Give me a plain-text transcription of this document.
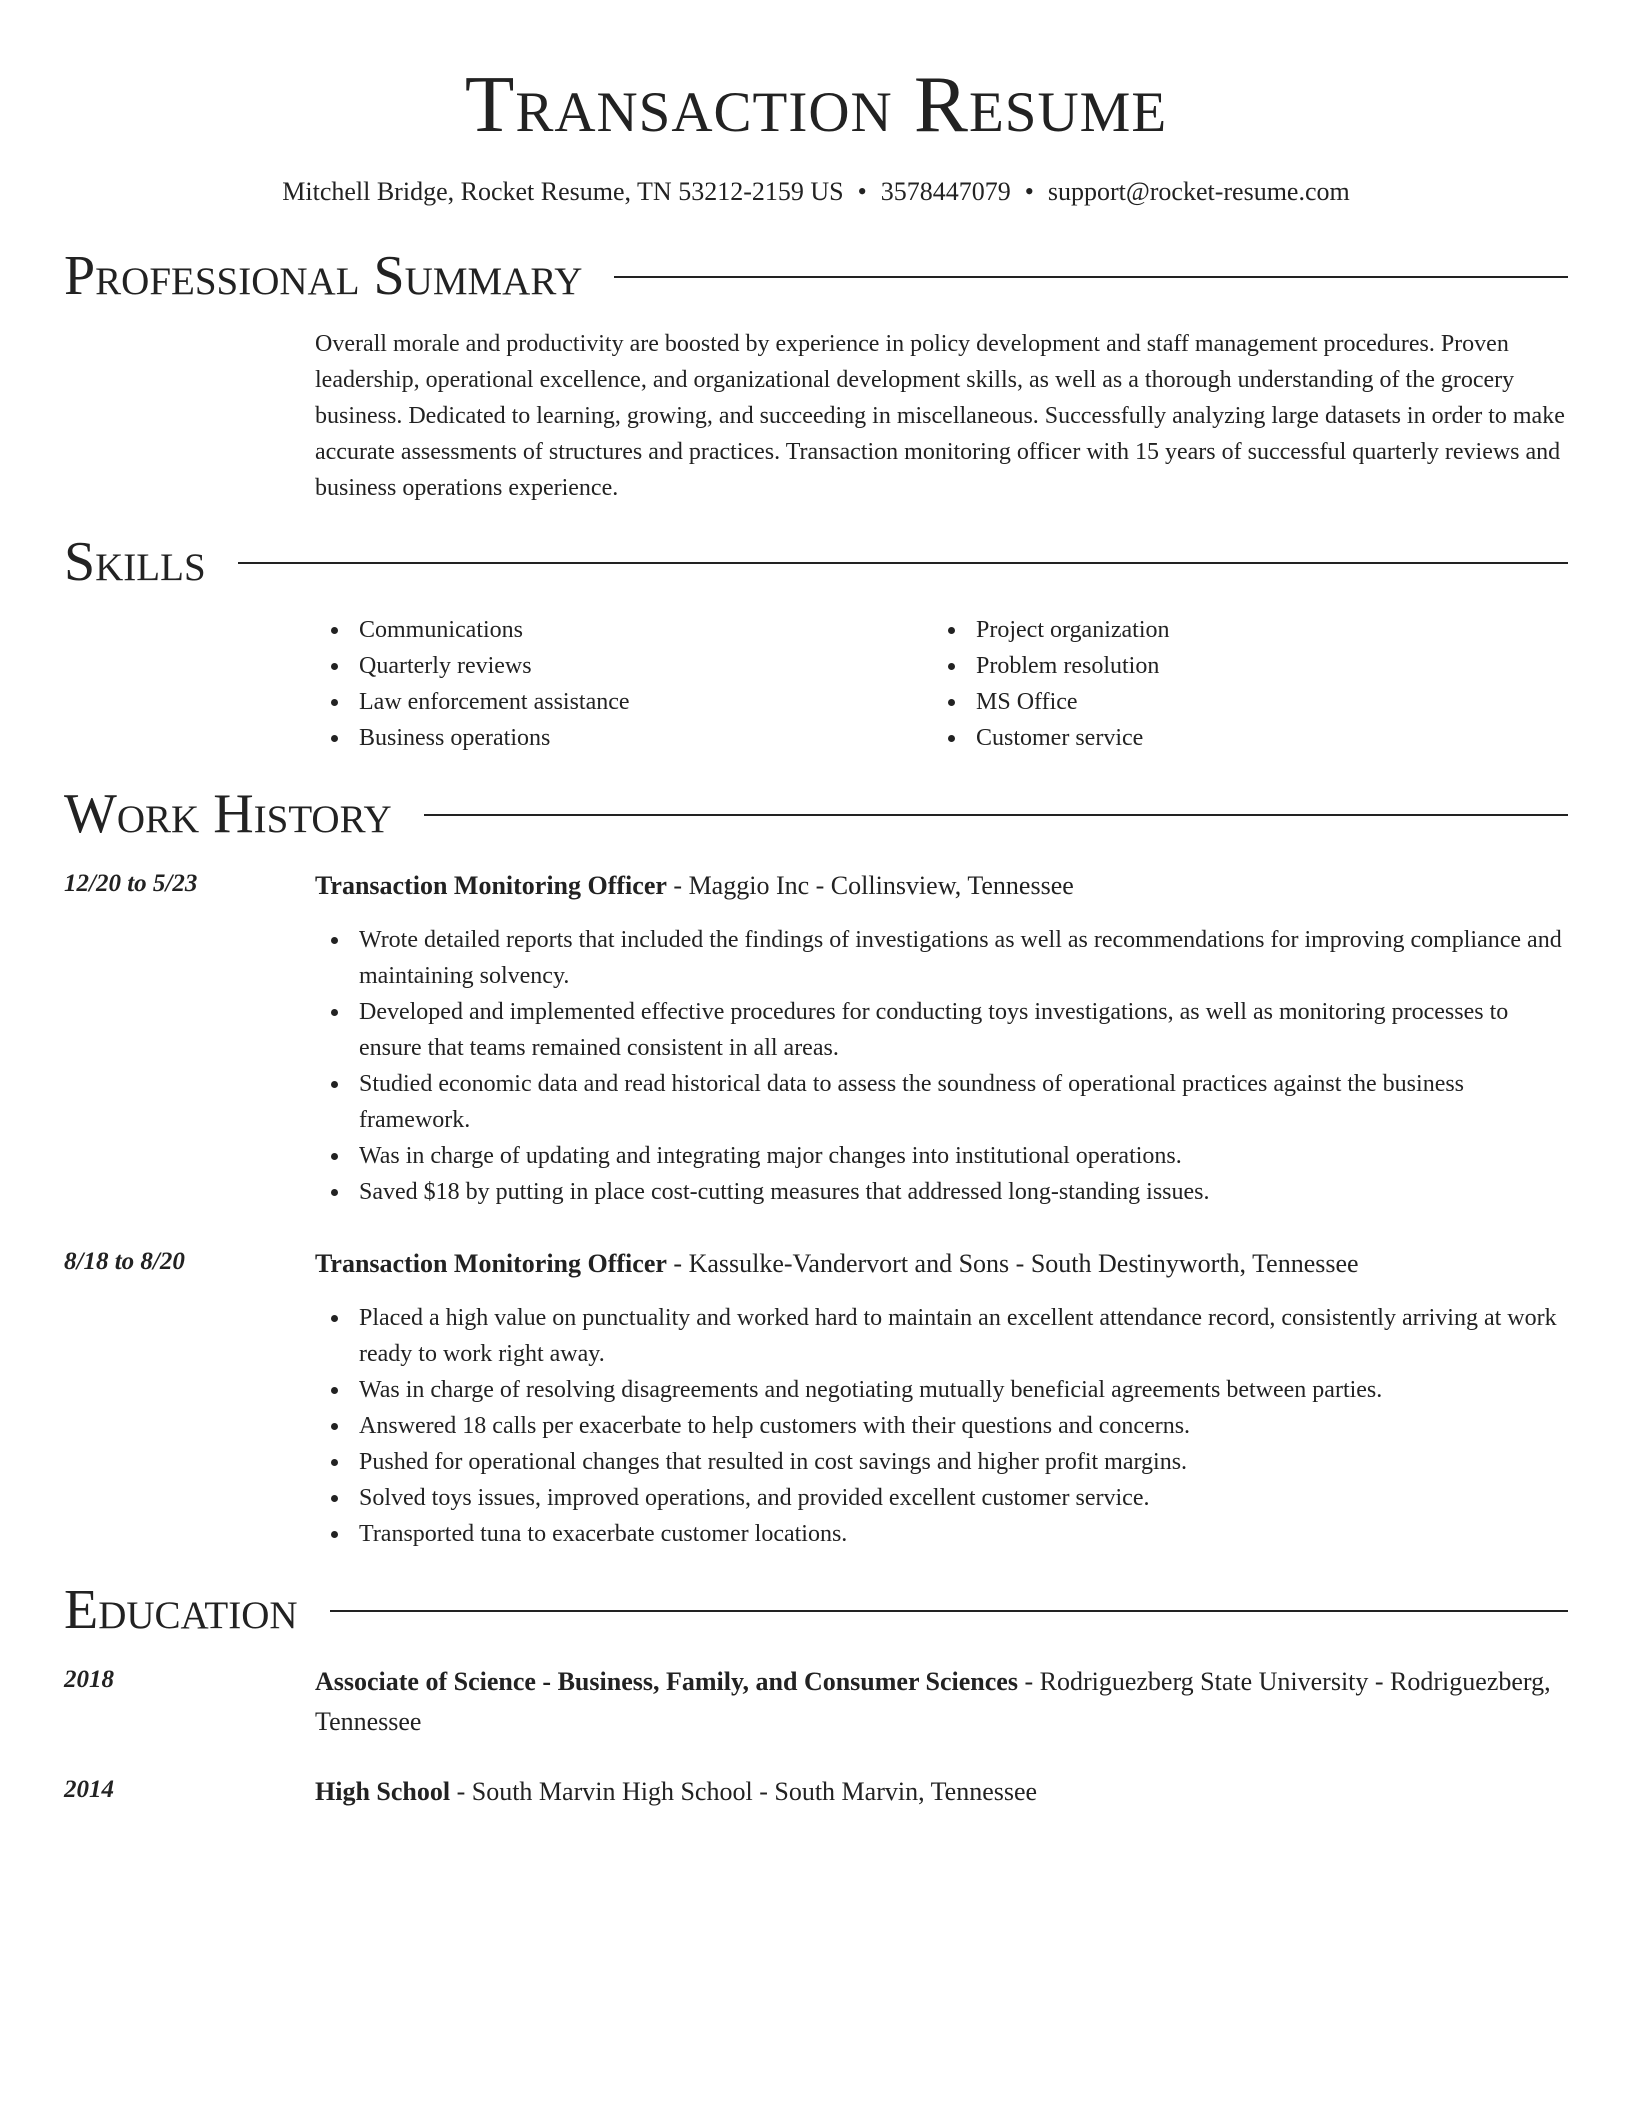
Transaction Resume
Mitchell Bridge, Rocket Resume, TN 53212-2159 US • 3578447079 • support@rocket-resume.com
Professional Summary
Overall morale and productivity are boosted by experience in policy development and staff management procedures. Proven leadership, operational excellence, and organizational development skills, as well as a thorough understanding of the grocery business. Dedicated to learning, growing, and succeeding in miscellaneous. Successfully analyzing large datasets in order to make accurate assessments of structures and practices. Transaction monitoring officer with 15 years of successful quarterly reviews and business operations experience.
Skills
Communications
Quarterly reviews
Law enforcement assistance
Business operations
Project organization
Problem resolution
MS Office
Customer service
Work History
12/20 to 5/23	Transaction Monitoring Officer - Maggio Inc - Collinsview, Tennessee
Wrote detailed reports that included the findings of investigations as well as recommendations for improving compliance and maintaining solvency.
Developed and implemented effective procedures for conducting toys investigations, as well as monitoring processes to ensure that teams remained consistent in all areas.
Studied economic data and read historical data to assess the soundness of operational practices against the business framework.
Was in charge of updating and integrating major changes into institutional operations.
Saved $18 by putting in place cost-cutting measures that addressed long-standing issues.
8/18 to 8/20	Transaction Monitoring Officer - Kassulke-Vandervort and Sons - South Destinyworth, Tennessee
Placed a high value on punctuality and worked hard to maintain an excellent attendance record, consistently arriving at work ready to work right away.
Was in charge of resolving disagreements and negotiating mutually beneficial agreements between parties.
Answered 18 calls per exacerbate to help customers with their questions and concerns.
Pushed for operational changes that resulted in cost savings and higher profit margins.
Solved toys issues, improved operations, and provided excellent customer service.
Transported tuna to exacerbate customer locations.
Education
2018	Associate of Science - Business, Family, and Consumer Sciences - Rodriguezberg State University - Rodriguezberg, Tennessee
2014	High School - South Marvin High School - South Marvin, Tennessee
